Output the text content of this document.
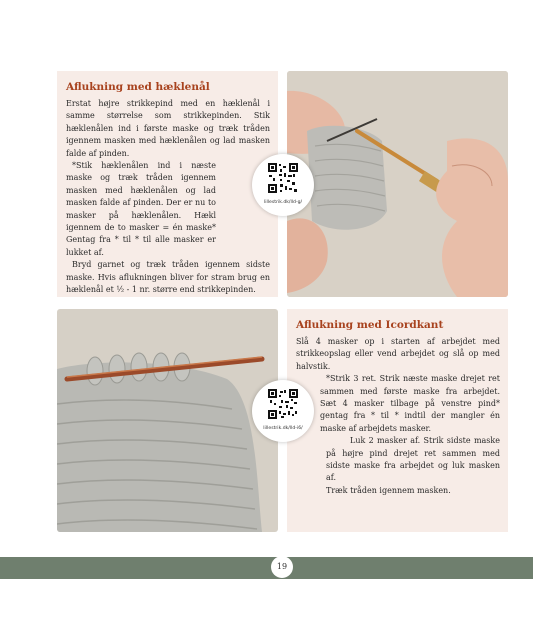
Aflukning med hæklenål

Erstat højre strikkepind med en hæklenål i samme størrelse som strikkepinden. Stik hæklenålen ind i første maske og træk tråden igennem masken med hæklenålen og lad masken falde af pinden.

*Stik hæklenålen ind i næste maske og træk tråden igennem masken med hæklenålen og lad masken falde af pinden. Der er nu to masker på hæklenålen. Hækl igennem de to masker = én maske* Gentag fra * til * til alle masker er lukket af.

Bryd garnet og træk tråden igennem sidste maske. Hvis aflukningen bliver for stram brug en hæklenål et ½ - 1 nr. større end strikkepinden.

lillestrik.dk/lld-g/
Aflukning med Icordkant

Slå 4 masker op i starten af arbejdet med strikkeopslag eller vend arbejdet og slå op med halvstik.

*Strik 3 ret. Strik næste maske drejet ret sammen med første maske fra arbejdet. Sæt 4 masker tilbage på venstre pind* gentag fra * til * indtil der mangler én maske af arbejdets masker.

Luk 2 masker af. Strik sidste maske på højre pind drejet ret sammen med sidste maske fra arbejdet og luk masken af.

Træk tråden igennem masken.

lillestrik.dk/lld-i6/
19
